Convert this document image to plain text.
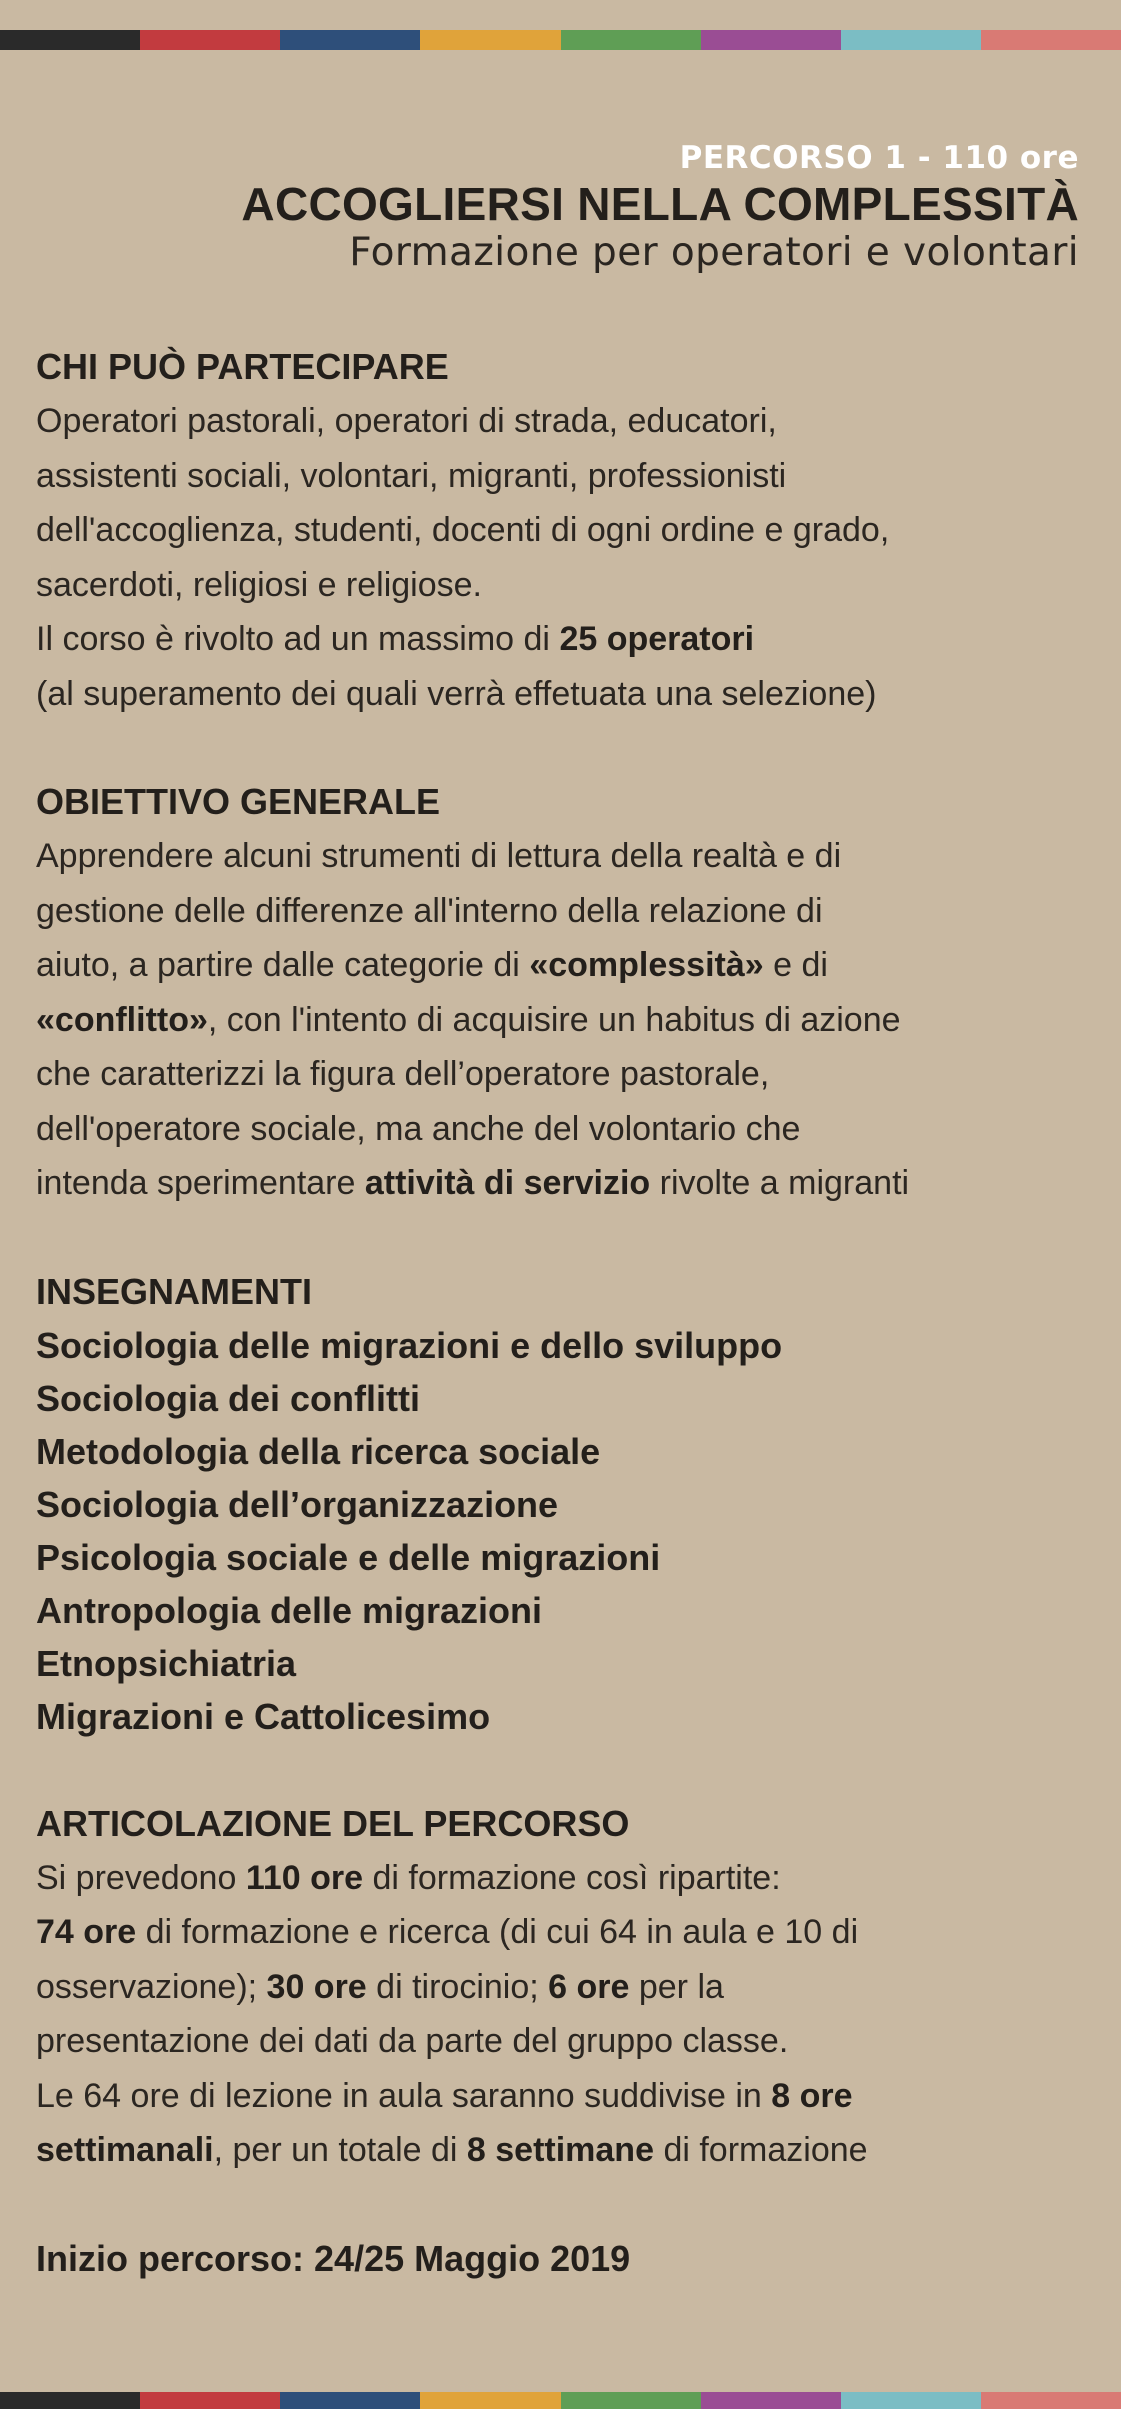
PERCORSO 1 - 110 ore
ACCOGLIERSI NELLA COMPLESSITÀ
Formazione per operatori e volontari
CHI PUÒ PARTECIPARE
Operatori pastorali, operatori di strada, educatori,
assistenti sociali, volontari, migranti, professionisti
dell'accoglienza, studenti, docenti di ogni ordine e grado,
sacerdoti, religiosi e religiose.
Il corso è rivolto ad un massimo di 25 operatori
(al superamento dei quali verrà effetuata una selezione)
OBIETTIVO GENERALE
Apprendere alcuni strumenti di lettura della realtà e di
gestione delle differenze all'interno della relazione di
aiuto, a partire dalle categorie di «complessità» e di
«conflitto», con l'intento di acquisire un habitus di azione
che caratterizzi la figura dell’operatore pastorale,
dell'operatore sociale, ma anche del volontario che
intenda sperimentare attività di servizio rivolte a migranti
INSEGNAMENTI
Sociologia delle migrazioni e dello sviluppo
Sociologia dei conflitti
Metodologia della ricerca sociale
Sociologia dell’organizzazione
Psicologia sociale e delle migrazioni
Antropologia delle migrazioni
Etnopsichiatria
Migrazioni e Cattolicesimo
ARTICOLAZIONE DEL PERCORSO
Si prevedono 110 ore di formazione così ripartite:
74 ore di formazione e ricerca (di cui 64 in aula e 10 di
osservazione); 30 ore di tirocinio; 6 ore per la
presentazione dei dati da parte del gruppo classe.
Le 64 ore di lezione in aula saranno suddivise in 8 ore
settimanali, per un totale di 8 settimane di formazione
Inizio percorso: 24/25 Maggio 2019
